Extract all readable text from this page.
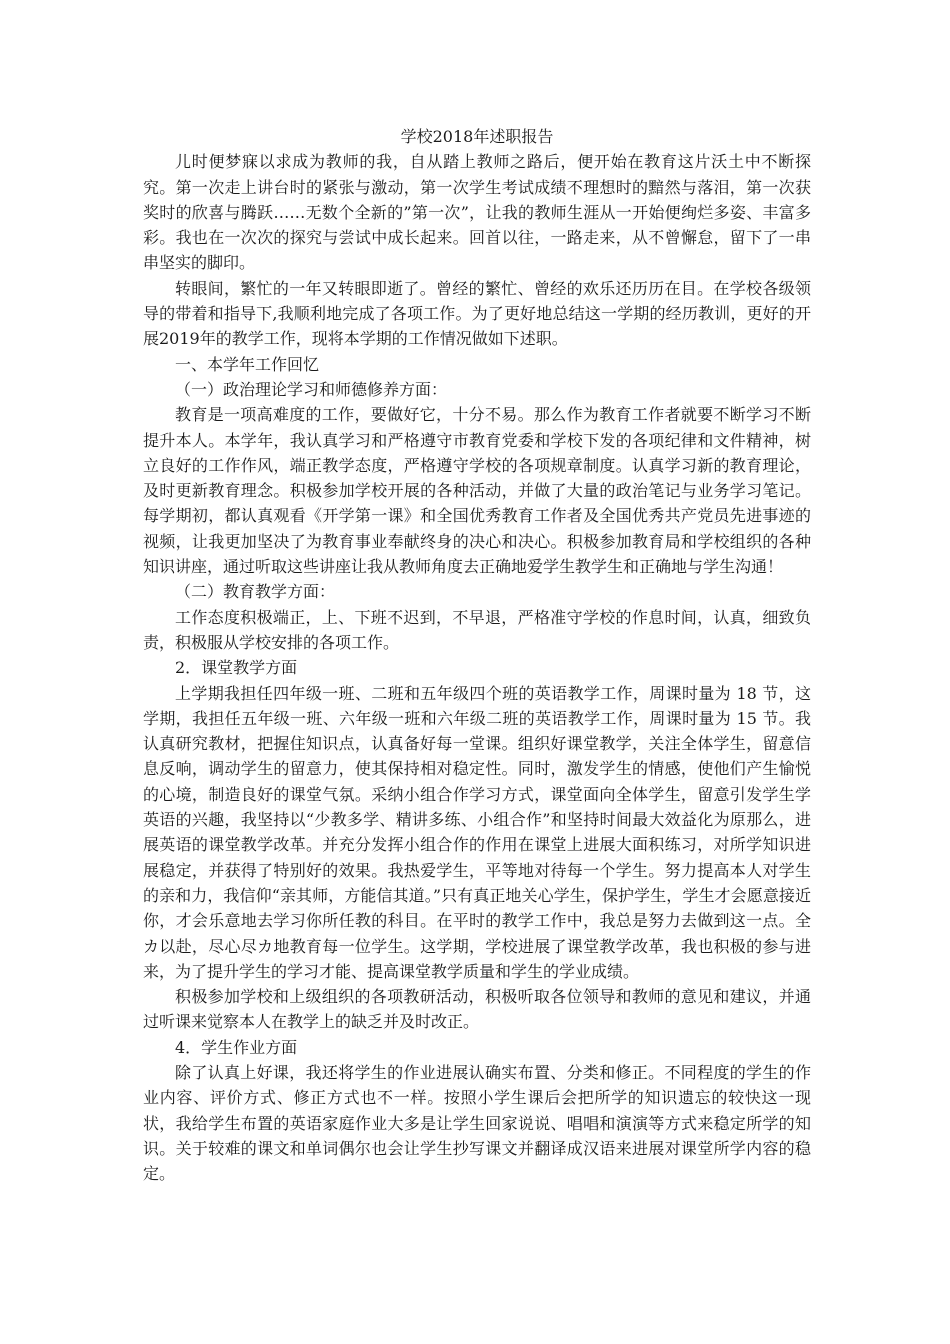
学校2018年述职报告

儿时便梦寐以求成为教师的我，自从踏上教师之路后，便开始在教育这片沃土中不断探究。第一次走上讲台时的紧张与激动，第一次学生考试成绩不理想时的黯然与落泪，第一次获奖时的欣喜与腾跃……无数个全新的”第一次”，让我的教师生涯从一开始便绚烂多姿、丰富多彩。我也在一次次的探究与尝试中成长起来。回首以往，一路走来，从不曾懈怠，留下了一串串坚实的脚印。

转眼间，繁忙的一年又转眼即逝了。曾经的繁忙、曾经的欢乐还历历在目。在学校各级领导的带着和指导下,我顺利地完成了各项工作。为了更好地总结这一学期的经历教训，更好的开展2019年的教学工作，现将本学期的工作情况做如下述职。

一、本学年工作回忆

（一）政治理论学习和师德修养方面：

教育是一项高难度的工作，要做好它，十分不易。那么作为教育工作者就要不断学习不断提升本人。本学年，我认真学习和严格遵守市教育党委和学校下发的各项纪律和文件精神，树立良好的工作作风，端正教学态度，严格遵守学校的各项规章制度。认真学习新的教育理论，及时更新教育理念。积极参加学校开展的各种活动，并做了大量的政治笔记与业务学习笔记。每学期初，都认真观看《开学第一课》和全国优秀教育工作者及全国优秀共产党员先进事迹的视频，让我更加坚决了为教育事业奉献终身的决心和决心。积极参加教育局和学校组织的各种知识讲座，通过听取这些讲座让我从教师角度去正确地爱学生教学生和正确地与学生沟通！

（二）教育教学方面：

工作态度积极端正，上、下班不迟到，不早退，严格准守学校的作息时间，认真，细致负责，积极服从学校安排的各项工作。

2．课堂教学方面

上学期我担任四年级一班、二班和五年级四个班的英语教学工作，周课时量为 18 节，这学期，我担任五年级一班、六年级一班和六年级二班的英语教学工作，周课时量为 15 节。我认真研究教材，把握住知识点，认真备好每一堂课。组织好课堂教学，关注全体学生，留意信息反响，调动学生的留意力，使其保持相对稳定性。同时，激发学生的情感，使他们产生愉悦的心境，制造良好的课堂气氛。采纳小组合作学习方式，课堂面向全体学生，留意引发学生学英语的兴趣，我坚持以“少教多学、精讲多练、小组合作”和坚持时间最大效益化为原那么，进展英语的课堂教学改革。并充分发挥小组合作的作用在课堂上进展大面积练习，对所学知识进展稳定，并获得了特别好的效果。我热爱学生，平等地对待每一个学生。努力提高本人对学生的亲和力，我信仰“亲其师，方能信其道。”只有真正地关心学生，保护学生，学生才会愿意接近你，才会乐意地去学习你所任教的科目。在平时的教学工作中，我总是努力去做到这一点。全カ以赴，尽心尽カ地教育每一位学生。这学期，学校进展了课堂教学改革，我也积极的参与进来，为了提升学生的学习才能、提高课堂教学质量和学生的学业成绩。

积极参加学校和上级组织的各项教研活动，积极听取各位领导和教师的意见和建议，并通过听课来觉察本人在教学上的缺乏并及时改正。

4．学生作业方面

除了认真上好课，我还将学生的作业进展认确实布置、分类和修正。不同程度的学生的作业内容、评价方式、修正方式也不一样。按照小学生课后会把所学的知识遗忘的较快这一现状，我给学生布置的英语家庭作业大多是让学生回家说说、唱唱和演演等方式来稳定所学的知识。关于较难的课文和单词偶尔也会让学生抄写课文并翻译成汉语来进展对课堂所学内容的稳定。
